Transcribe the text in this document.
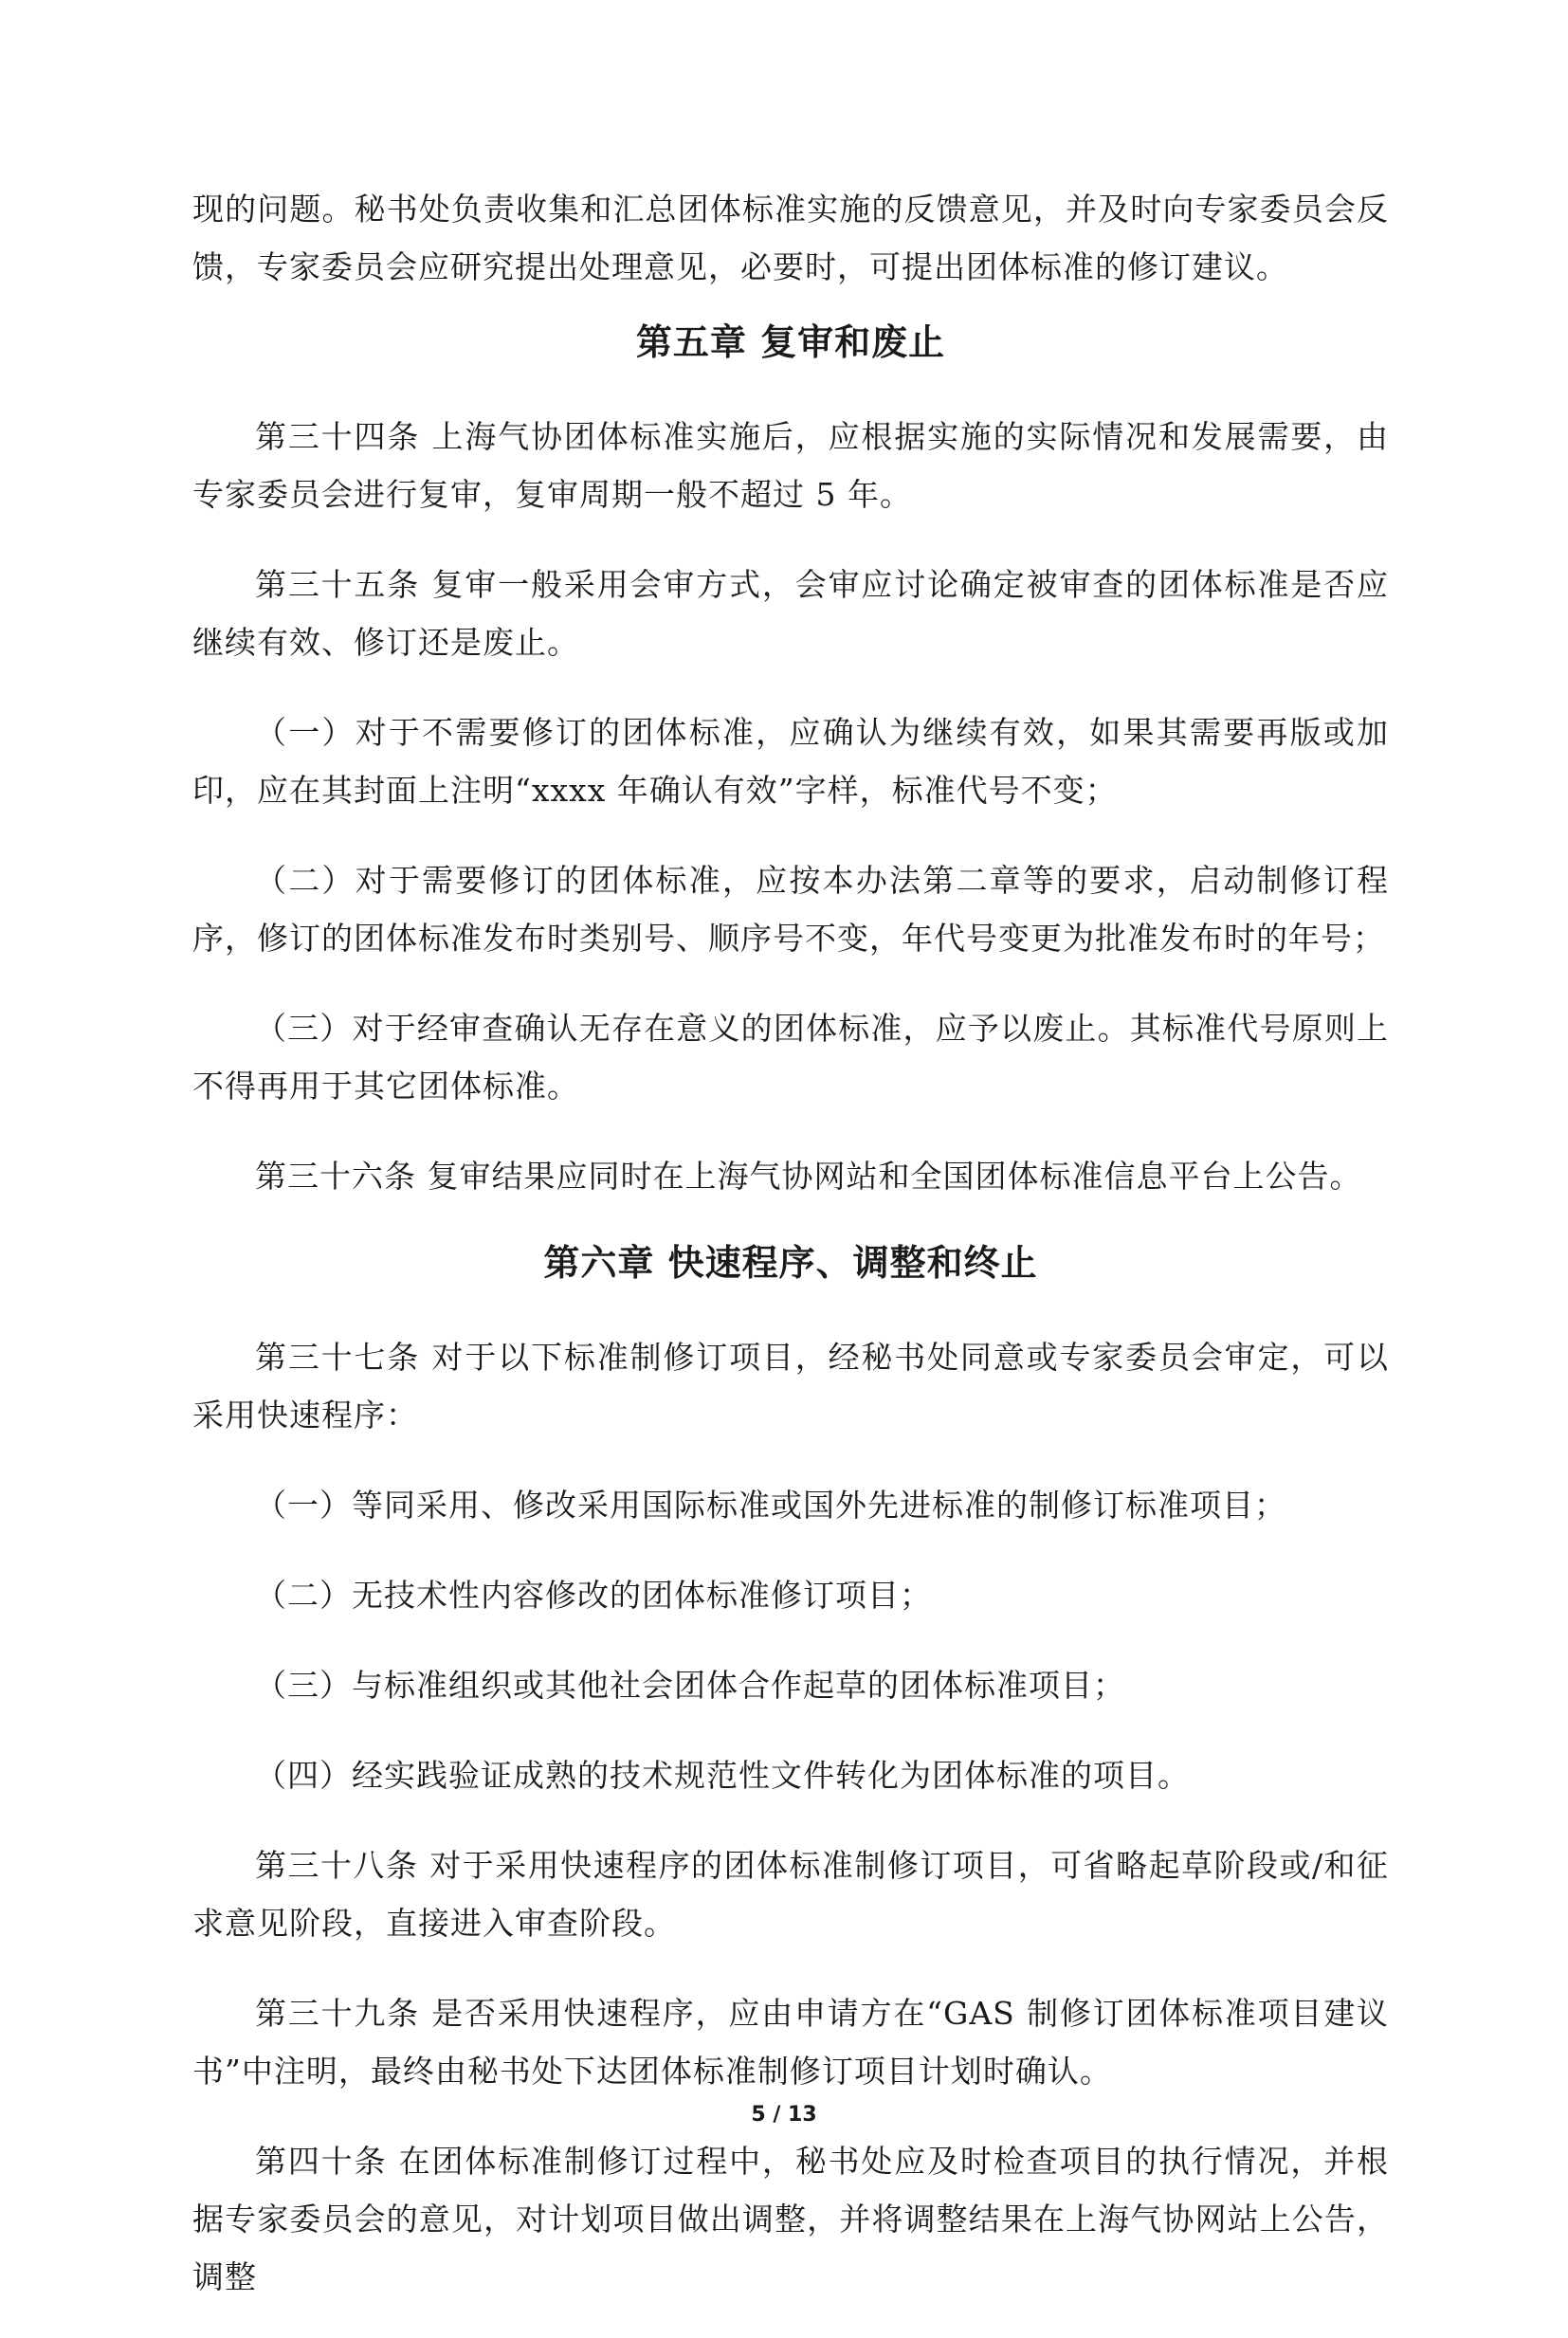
现的问题。秘书处负责收集和汇总团体标准实施的反馈意见，并及时向专家委员会反馈，专家委员会应研究提出处理意见，必要时，可提出团体标准的修订建议。

第五章 复审和废止

第三十四条 上海气协团体标准实施后，应根据实施的实际情况和发展需要，由专家委员会进行复审，复审周期一般不超过 5 年。

第三十五条 复审一般采用会审方式，会审应讨论确定被审查的团体标准是否应继续有效、修订还是废止。

（一）对于不需要修订的团体标准，应确认为继续有效，如果其需要再版或加印，应在其封面上注明“xxxx 年确认有效”字样，标准代号不变；

（二）对于需要修订的团体标准，应按本办法第二章等的要求，启动制修订程序，修订的团体标准发布时类别号、顺序号不变，年代号变更为批准发布时的年号；

（三）对于经审查确认无存在意义的团体标准，应予以废止。其标准代号原则上不得再用于其它团体标准。

第三十六条 复审结果应同时在上海气协网站和全国团体标准信息平台上公告。

第六章 快速程序、调整和终止

第三十七条 对于以下标准制修订项目，经秘书处同意或专家委员会审定，可以采用快速程序：

（一）等同采用、修改采用国际标准或国外先进标准的制修订标准项目；

（二）无技术性内容修改的团体标准修订项目；

（三）与标准组织或其他社会团体合作起草的团体标准项目；

（四）经实践验证成熟的技术规范性文件转化为团体标准的项目。

第三十八条 对于采用快速程序的团体标准制修订项目，可省略起草阶段或/和征求意见阶段，直接进入审查阶段。

第三十九条 是否采用快速程序，应由申请方在“GAS 制修订团体标准项目建议书”中注明，最终由秘书处下达团体标准制修订项目计划时确认。

第四十条 在团体标准制修订过程中，秘书处应及时检查项目的执行情况，并根据专家委员会的意见，对计划项目做出调整，并将调整结果在上海气协网站上公告，调整

5 / 13
